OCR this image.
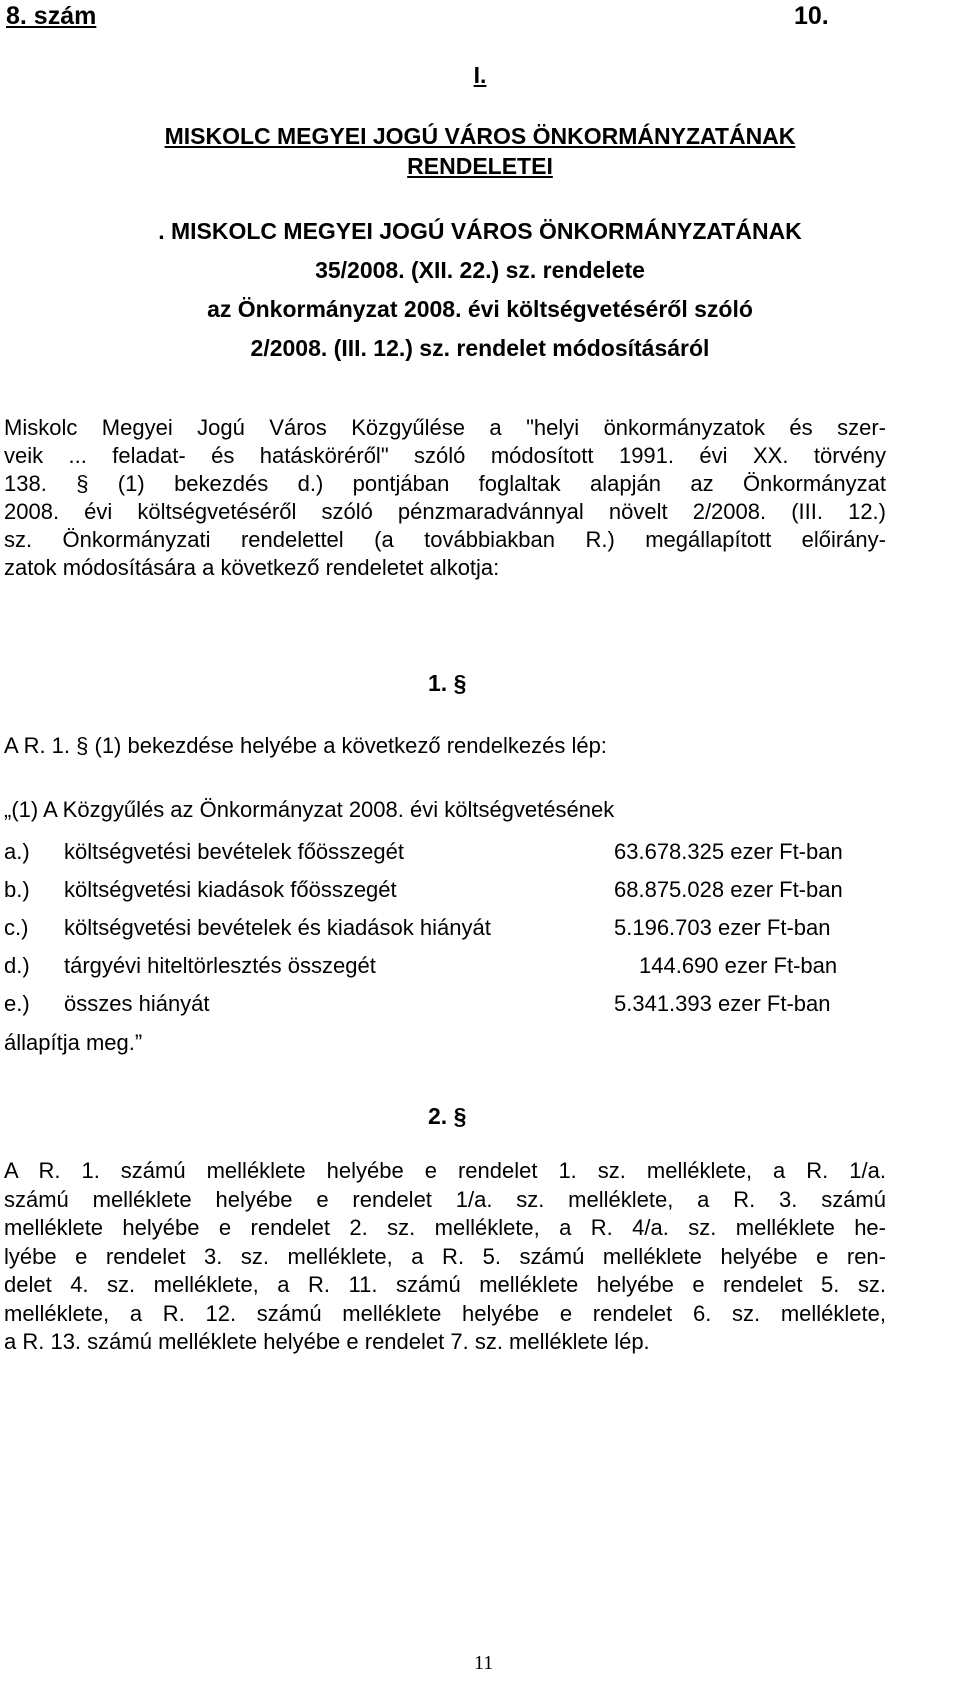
8. szám	10.
I.
MISKOLC MEGYEI JOGÚ VÁROS ÖNKORMÁNYZATÁNAK
RENDELETEI
. MISKOLC MEGYEI JOGÚ VÁROS ÖNKORMÁNYZATÁNAK
35/2008. (XII. 22.) sz. rendelete
az Önkormányzat 2008. évi költségvetéséről szóló
2/2008. (III. 12.) sz. rendelet módosításáról
Miskolc Megyei Jogú Város Közgyűlése a "helyi önkormányzatok és szer-
veik ... feladat- és hatásköréről" szóló módosított 1991. évi XX. törvény
138. § (1) bekezdés d.) pontjában foglaltak alapján az Önkormányzat
2008. évi költségvetéséről szóló pénzmaradvánnyal növelt 2/2008. (III. 12.)
sz. Önkormányzati rendelettel (a továbbiakban R.) megállapított előirány-
zatok módosítására a következő rendeletet alkotja:
1. §
A R. 1. § (1) bekezdése helyébe a következő rendelkezés lép:
„(1) A Közgyűlés az Önkormányzat 2008. évi költségvetésének
a.) költségvetési bevételek főösszegét	63.678.325 ezer Ft-ban
b.) költségvetési kiadások főösszegét	68.875.028 ezer Ft-ban
c.) költségvetési bevételek és kiadások hiányát	5.196.703 ezer Ft-ban
d.) tárgyévi hiteltörlesztés összegét	144.690 ezer Ft-ban
e.) összes hiányát	5.341.393 ezer Ft-ban
állapítja meg.”
2. §
A R. 1. számú melléklete helyébe e rendelet 1. sz. melléklete, a R. 1/a.
számú melléklete helyébe e rendelet 1/a. sz. melléklete, a R. 3. számú
melléklete helyébe e rendelet 2. sz. melléklete, a R. 4/a. sz. melléklete he-
lyébe e rendelet 3. sz. melléklete, a R. 5. számú melléklete helyébe e ren-
delet 4. sz. melléklete, a R. 11. számú melléklete helyébe e rendelet 5. sz.
melléklete, a R. 12. számú melléklete helyébe e rendelet 6. sz. melléklete,
a R. 13. számú melléklete helyébe e rendelet 7. sz. melléklete lép.
11
